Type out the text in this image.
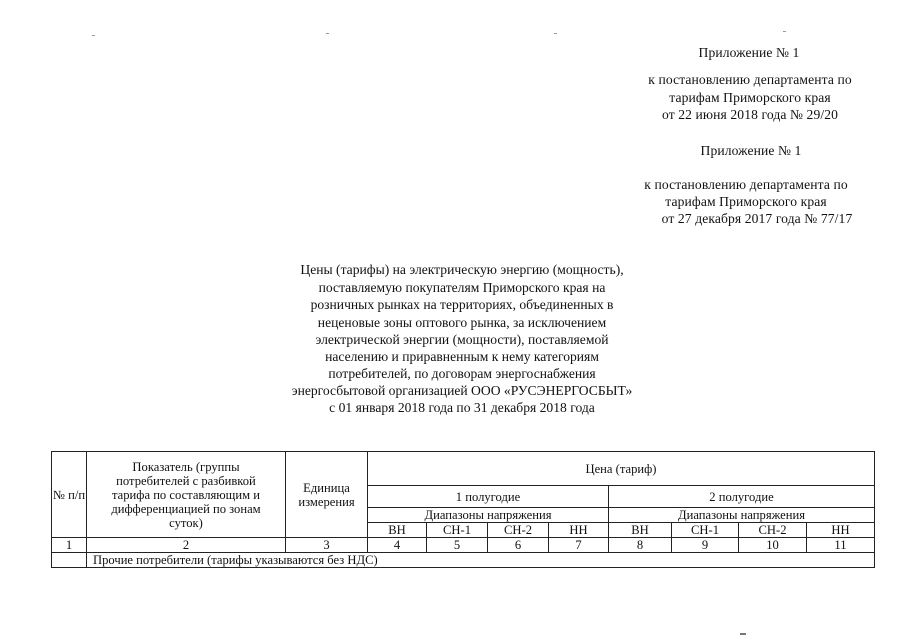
Приложение № 1
к постановлению департамента по
тарифам Приморского края
от 22 июня 2018 года № 29/20
Приложение № 1
к постановлению департамента по
тарифам Приморского края
от 27 декабря 2017 года № 77/17
Цены (тарифы) на электрическую энергию (мощность),
поставляемую покупателям Приморского края на
розничных рынках на территориях, объединенных в
неценовые зоны оптового рынка, за исключением
электрической энергии (мощности), поставляемой
населению и приравненным к нему категориям
потребителей, по договорам энергоснабжения
энергосбытовой организацией ООО «РУСЭНЕРГОСБЫТ»
с 01 января 2018 года по 31 декабря 2018 года
№ п/п	Показатель (группы потребителей с разбивкой тарифа по составляющим и дифференциацией по зонам суток)	Единица измерения	Цена (тариф)							
			1 полугодие				2 полугодие			
			Диапазоны напряжения				Диапазоны напряжения			
			ВН	СН-1	СН-2	НН	ВН	СН-1	СН-2	НН
1	2	3	4	5	6	7	8	9	10	11
	Прочие потребители (тарифы указываются без НДС)									
